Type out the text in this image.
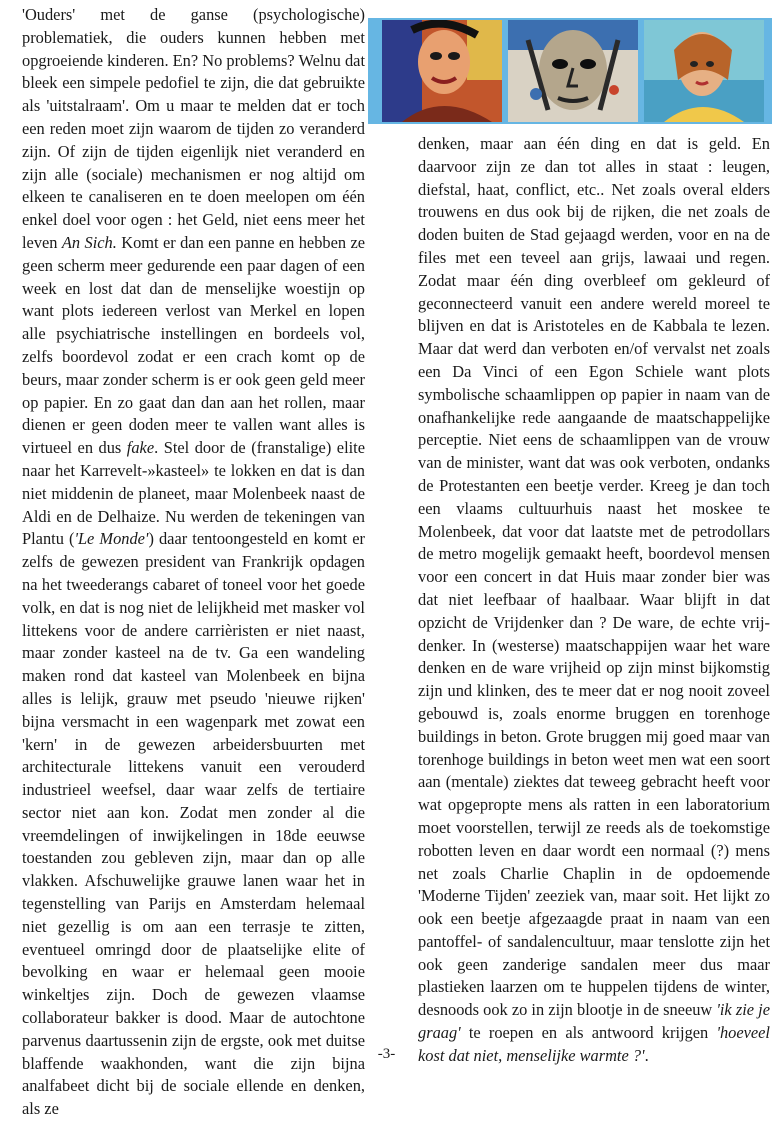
'Ouders' met de ganse (psychologische) problematiek, die ouders kunnen hebben met opgroeiende kinderen. En? No problems? Welnu dat bleek een simpele pedofiel te zijn, die dat gebruikte als 'uitstalraam'. Om u maar te melden dat er toch een reden moet zijn waarom de tijden zo veranderd zijn. Of zijn de tijden eigenlijk niet veranderd en zijn alle (sociale) mechanismen er nog altijd om elkeen te canaliseren en te doen meelopen om één enkel doel voor ogen : het Geld, niet eens meer het leven An Sich. Komt er dan een panne en hebben ze geen scherm meer gedurende een paar dagen of een week en lost dat dan de menselijke woestijn op want plots iedereen verlost van Merkel en lopen alle psychiatrische instellingen en bordeels vol, zelfs boordevol zodat er een crach komt op de beurs, maar zonder scherm is er ook geen geld meer op papier. En zo gaat dan dan aan het rollen, maar dienen er geen doden meer te vallen want alles is virtueel en dus fake. Stel door de (franstalige) elite naar het Karrevelt-»kasteel» te lokken en dat is dan niet middenin de planeet, maar Molenbeek naast de Aldi en de Delhaize. Nu werden de tekeningen van Plantu ('Le Monde') daar tentoongesteld en komt er zelfs de gewezen president van Frankrijk opdagen na het tweederangs cabaret of toneel voor het goede volk, en dat is nog niet de lelijkheid met masker vol littekens voor de andere carrièristen er niet naast, maar zonder kasteel na de tv. Ga een wandeling maken rond dat kasteel van Molenbeek en bijna alles is lelijk, grauw met pseudo 'nieuwe rijken' bijna versmacht in een wagenpark met zowat een 'kern' in de gewezen arbeidersbuurten met architecturale littekens vanuit een verouderd industrieel weefsel, daar waar zelfs de tertiaire sector niet aan kon. Zodat men zonder al die vreemdelingen of inwijkelingen in 18de eeuwse toestanden zou gebleven zijn, maar dan op alle vlakken. Afschuwelijke grauwe lanen waar het in tegenstelling van Parijs en Amsterdam helemaal niet gezellig is om aan een terrasje te zitten, eventueel omringd door de plaatselijke elite of bevolking en waar er helemaal geen mooie winkeltjes zijn. Doch de gewezen vlaamse collaborateur bakker is dood. Maar de autochtone parvenus daartussenin zijn de ergste, ook met duitse blaffende waakhonden, want die zijn bijna analfabeet dicht bij de sociale ellende en denken, als ze

denken, maar aan één ding en dat is geld. En daarvoor zijn ze dan tot alles in staat : leugen, diefstal, haat, conflict, etc.. Net zoals overal elders trouwens en dus ook bij de rijken, die net zoals de doden buiten de Stad gejaagd werden, voor en na de files met een teveel aan grijs, lawaai und regen. Zodat maar één ding overbleef om gekleurd of geconnecteerd vanuit een andere wereld moreel te blijven en dat is Aristoteles en de Kabbala te lezen. Maar dat werd dan verboten en/of vervalst net zoals een Da Vinci of een Egon Schiele want plots symbolische schaamlippen op papier in naam van de onafhankelijke rede aangaande de maatschappelijke perceptie. Niet eens de schaamlippen van de vrouw van de minister, want dat was ook verboten, ondanks de Protestanten een beetje verder. Kreeg je dan toch een vlaams cultuurhuis naast het moskee te Molenbeek, dat voor dat laatste met de petrodollars de metro mogelijk gemaakt heeft, boordevol mensen voor een concert in dat Huis maar zonder bier was dat niet leefbaar of haalbaar. Waar blijft in dat opzicht de Vrijdenker dan ? De ware, de echte vrij-denker. In (westerse) maatschappijen waar het ware denken en de ware vrijheid op zijn minst bijkomstig zijn und klinken, des te meer dat er nog nooit zoveel gebouwd is, zoals enorme bruggen en torenhoge buildings in beton. Grote bruggen mij goed maar van torenhoge buildings in beton weet men wat een soort aan (mentale) ziektes dat teweeg gebracht heeft voor wat opgepropte mens als ratten in een laboratorium moet voorstellen, terwijl ze reeds als de toekomstige robotten leven en daar wordt een normaal (?) mens net zoals Charlie Chaplin in de opdoemende 'Moderne Tijden' zeeziek van, maar soit. Het lijkt zo ook een beetje afgezaagde praat in naam van een pantoffel- of sandalencultuur, maar tenslotte zijn het ook geen zanderige sandalen meer dus maar plastieken laarzen om te huppelen tijdens de winter, desnoods ook zo in zijn blootje in de sneeuw 'ik zie je graag' te roepen en als antwoord krijgen 'hoeveel kost dat niet, menselijke warmte ?'.

-3-
